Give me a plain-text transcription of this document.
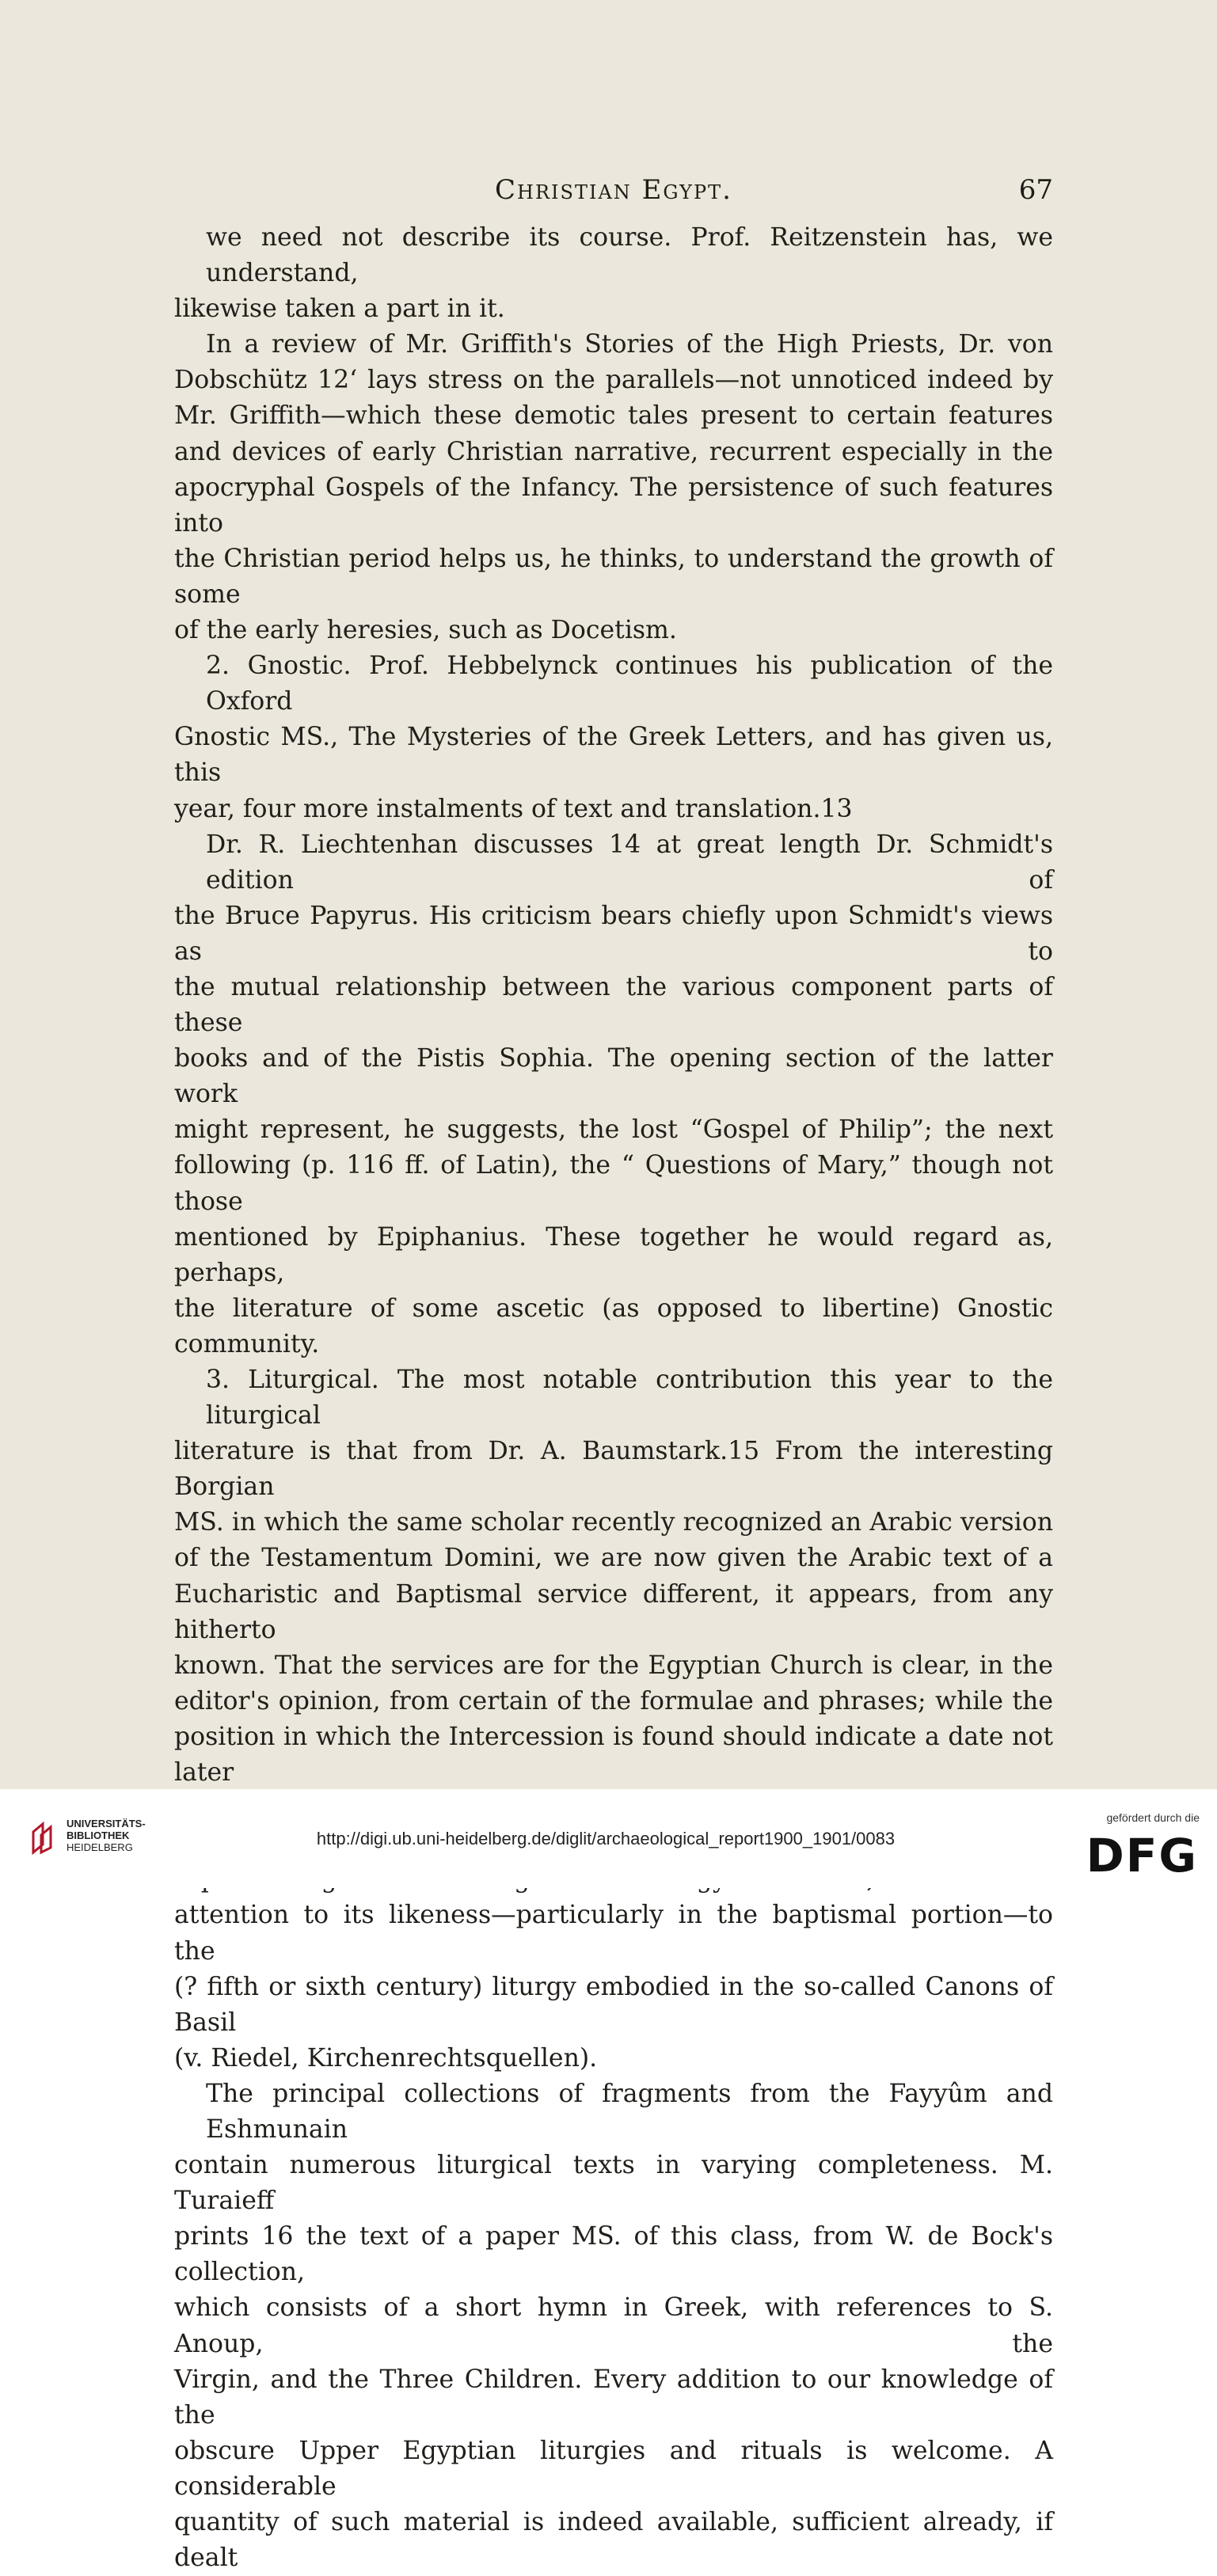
Christian Egypt.	67

we need not describe its course. Prof. Reitzenstein has, we understand,
likewise taken a part in it.

In a review of Mr. Griffith's Stories of the High Priests, Dr. von
Dobschütz 12‘ lays stress on the parallels—not unnoticed indeed by
Mr. Griffith—which these demotic tales present to certain features
and devices of early Christian narrative, recurrent especially in the
apocryphal Gospels of the Infancy. The persistence of such features into
the Christian period helps us, he thinks, to understand the growth of some
of the early heresies, such as Docetism.

2. Gnostic. Prof. Hebbelynck continues his publication of the Oxford
Gnostic MS., The Mysteries of the Greek Letters, and has given us, this
year, four more instalments of text and translation.13

Dr. R. Liechtenhan discusses 14 at great length Dr. Schmidt's edition of
the Bruce Papyrus. His criticism bears chiefly upon Schmidt's views as to
the mutual relationship between the various component parts of these
books and of the Pistis Sophia. The opening section of the latter work
might represent, he suggests, the lost “Gospel of Philip”; the next
following (p. 116 ff. of Latin), the “ Questions of Mary,” though not those
mentioned by Epiphanius. These together he would regard as, perhaps,
the literature of some ascetic (as opposed to libertine) Gnostic community.

3. Liturgical. The most notable contribution this year to the liturgical
literature is that from Dr. A. Baumstark.15 From the interesting Borgian
MS. in which the same scholar recently recognized an Arabic version
of the Testamentum Domini, we are now given the Arabic text of a
Eucharistic and Baptismal service different, it appears, from any hitherto
known. That the services are for the Egyptian Church is clear, in the
editor's opinion, from certain of the formulae and phrases; while the
position in which the Intercession is found should indicate a date not later
attention to its likeness—particularly in the baptismal portion—to the
(? fifth or sixth century) liturgy embodied in the so-called Canons of Basil
(v. Riedel, Kirchenrechtsquellen).

The principal collections of fragments from the Fayyûm and Eshmunain
contain numerous liturgical texts in varying completeness. M. Turaieff
prints 16 the text of a paper MS. of this class, from W. de Bock's collection,
which consists of a short hymn in Greek, with references to S. Anoup, the
Virgin, and the Three Children. Every addition to our knowledge of the
obscure Upper Egyptian liturgies and rituals is welcome. A considerable
quantity of such material is indeed available, sufficient already, if dealt

UNIVERSITÄTS-
BIBLIOTHEK
HEIDELBERG	http://digi.ub.uni-heidelberg.de/diglit/archaeological_report1900_1901/0083
gefördert durch die
DFG
